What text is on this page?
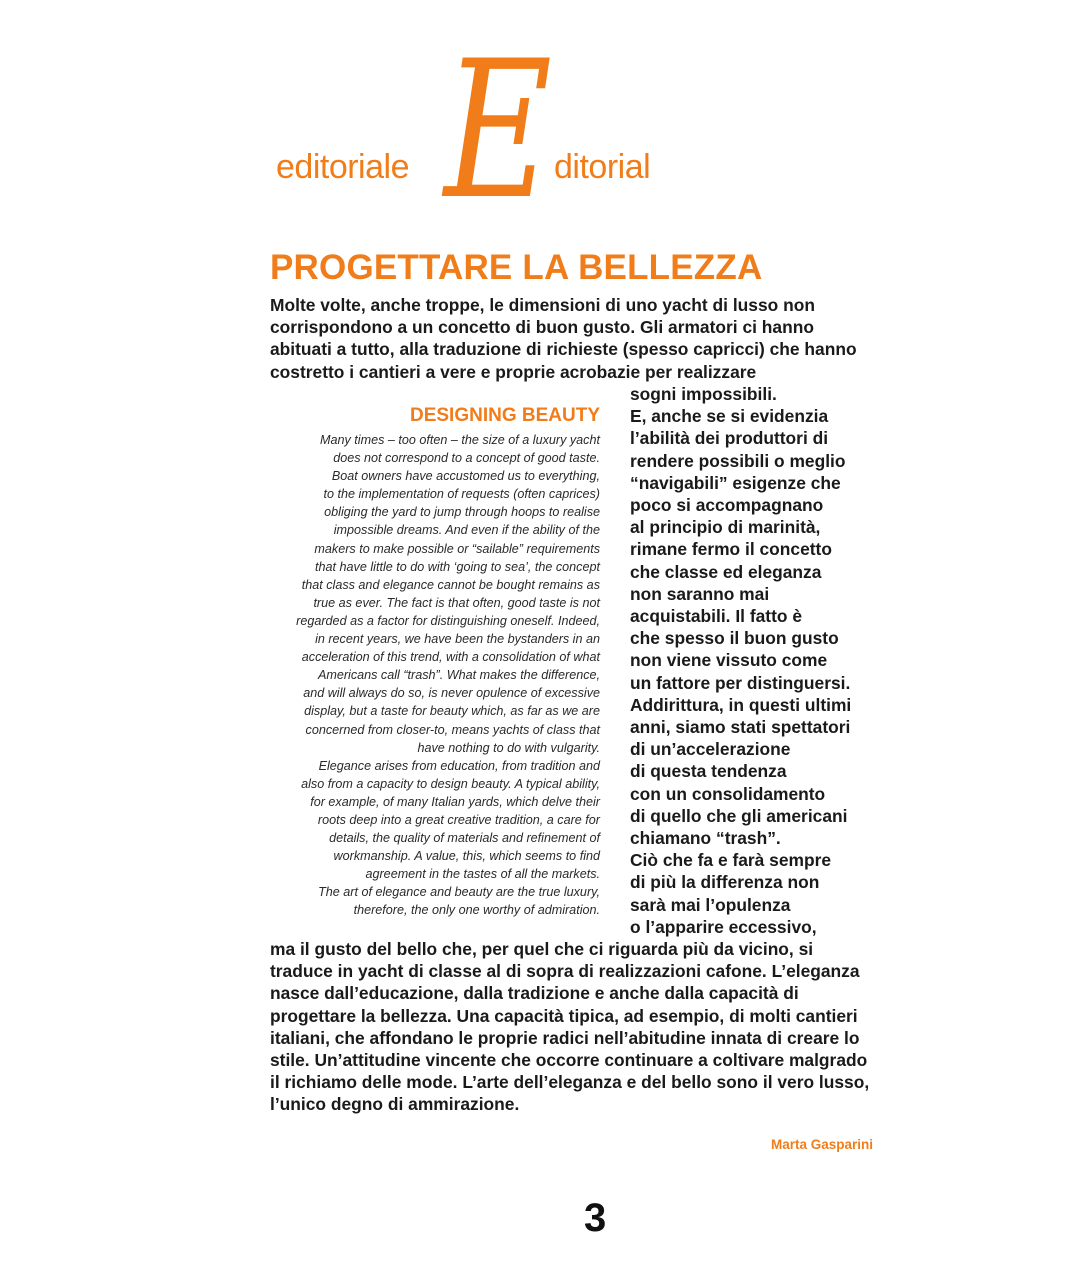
editoriale E ditorial
PROGETTARE LA BELLEZZA

Molte volte, anche troppe, le dimensioni di uno yacht di lusso non corrispondono a un concetto di buon gusto. Gli armatori ci hanno abituati a tutto, alla traduzione di richieste (spesso capricci) che hanno costretto i cantieri a vere e proprie acrobazie per realizzare

DESIGNING BEAUTY

Many times – too often – the size of a luxury yacht
does not correspond to a concept of good taste.
Boat owners have accustomed us to everything,
to the implementation of requests (often caprices)
obliging the yard to jump through hoops to realise
impossible dreams. And even if the ability of the
makers to make possible or “sailable” requirements
that have little to do with ‘going to sea’, the concept
that class and elegance cannot be bought remains as
true as ever. The fact is that often, good taste is not
regarded as a factor for distinguishing oneself. Indeed,
in recent years, we have been the bystanders in an
acceleration of this trend, with a consolidation of what
Americans call “trash”. What makes the difference,
and will always do so, is never opulence of excessive
display, but a taste for beauty which, as far as we are
concerned from closer-to, means yachts of class that
have nothing to do with vulgarity.
Elegance arises from education, from tradition and
also from a capacity to design beauty. A typical ability,
for example, of many Italian yards, which delve their
roots deep into a great creative tradition, a care for
details, the quality of materials and refinement of
workmanship. A value, this, which seems to find
agreement in the tastes of all the markets.
The art of elegance and beauty are the true luxury,
therefore, the only one worthy of admiration.

sogni impossibili.
E, anche se si evidenzia
l’abilità dei produttori di
rendere possibili o meglio
“navigabili” esigenze che
poco si accompagnano
al principio di marinità,
rimane fermo il concetto
che classe ed eleganza
non saranno mai
acquistabili. Il fatto è
che spesso il buon gusto
non viene vissuto come
un fattore per distinguersi.
Addirittura, in questi ultimi
anni, siamo stati spettatori
di un’accelerazione
di questa tendenza
con un consolidamento
di quello che gli americani
chiamano “trash”.
Ciò che fa e farà sempre
di più la differenza non
sarà mai l’opulenza
o l’apparire eccessivo,

ma il gusto del bello che, per quel che ci riguarda più da vicino, si traduce in yacht di classe al di sopra di realizzazioni cafone. L’eleganza nasce dall’educazione, dalla tradizione e anche dalla capacità di progettare la bellezza. Una capacità tipica, ad esempio, di molti cantieri italiani, che affondano le proprie radici nell’abitudine innata di creare lo stile. Un’attitudine vincente che occorre continuare a coltivare malgrado il richiamo delle mode. L’arte dell’eleganza e del bello sono il vero lusso, l’unico degno di ammirazione.

Marta Gasparini

3
